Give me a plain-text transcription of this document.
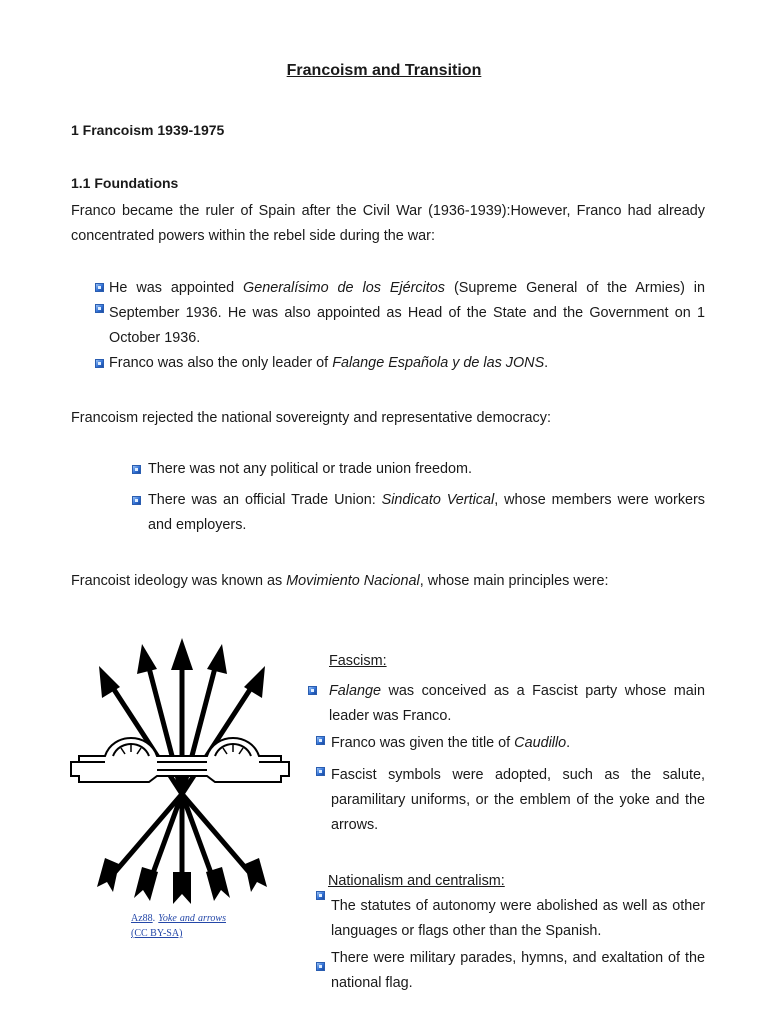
Francoism and Transition
1 Francoism 1939-1975
1.1 Foundations
Franco became the ruler of Spain after the Civil War (1936-1939):However, Franco had already concentrated powers within the rebel side during the war:
He was appointed Generalísimo de los Ejércitos (Supreme General of the Armies) in September 1936. He was also appointed as Head of the State and the Government on 1 October 1936.
Franco was also the only leader of Falange Española y de las JONS.
Francoism rejected the national sovereignty and representative democracy:
There was not any political or trade union freedom.
There was an official Trade Union: Sindicato Vertical, whose members were workers and employers.
Francoist ideology was known as Movimiento Nacional, whose main principles were:
Az88. Yoke and arrows (CC BY-SA)
Fascism:
Falange was conceived as a Fascist party whose main leader was Franco.
Franco was given the title of Caudillo.
Fascist symbols were adopted, such as the salute, paramilitary uniforms, or the emblem of the yoke and the arrows.
Nationalism and centralism:
The statutes of autonomy were abolished as well as other languages or flags other than the Spanish.
There were military parades, hymns, and exaltation of the national flag.
